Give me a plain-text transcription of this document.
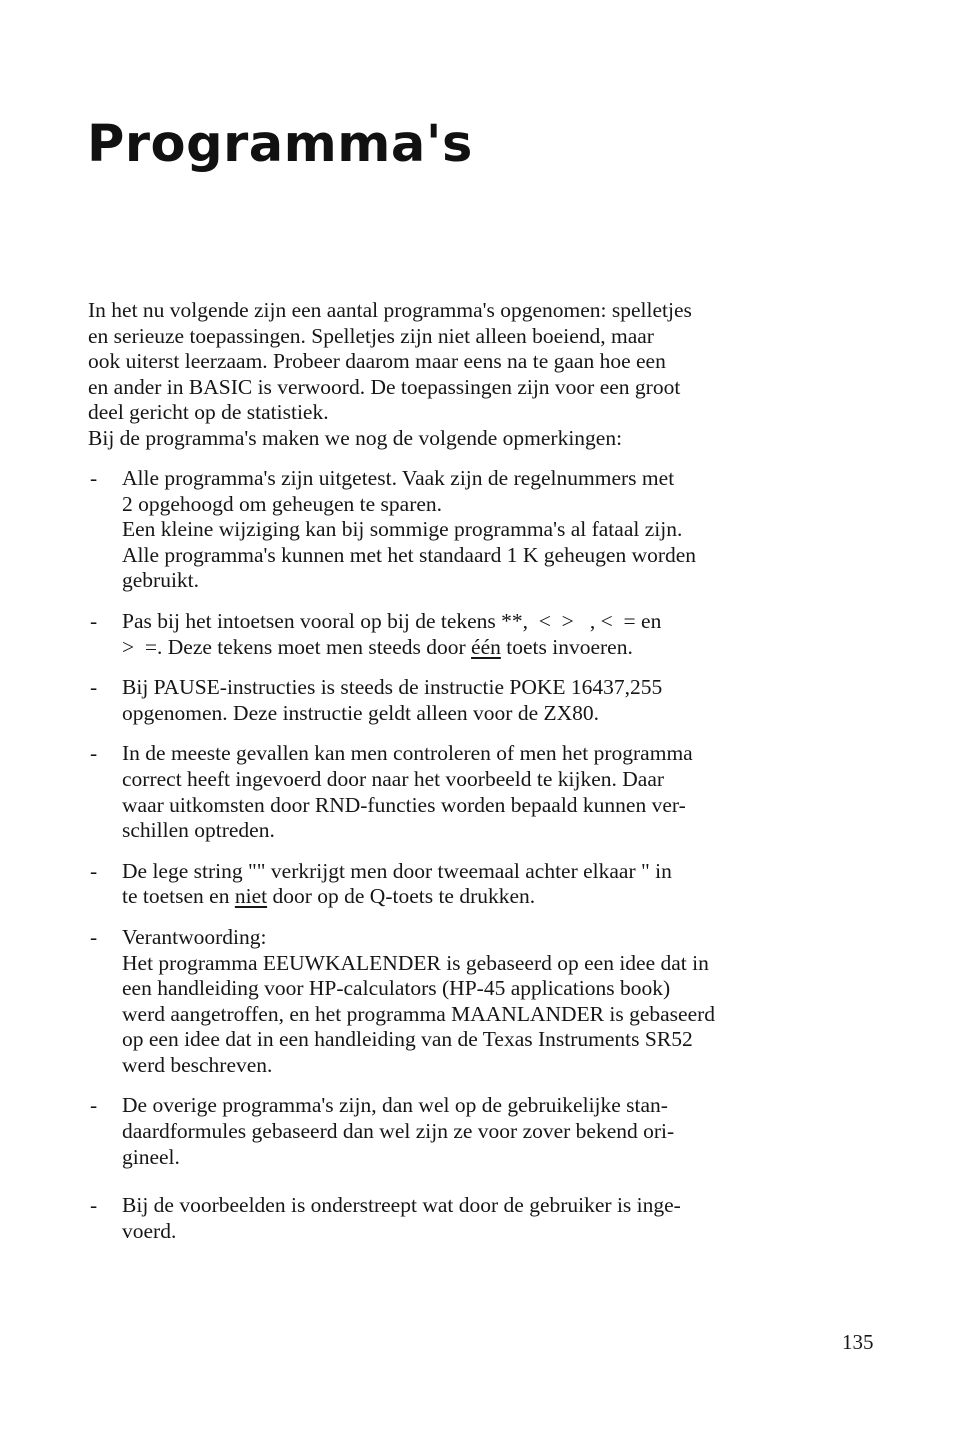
Programma's
In het nu volgende zijn een aantal programma's opgenomen: spelletjes
en serieuze toepassingen. Spelletjes zijn niet alleen boeiend, maar
ook uiterst leerzaam. Probeer daarom maar eens na te gaan hoe een
en ander in BASIC is verwoord. De toepassingen zijn voor een groot
deel gericht op de statistiek.
Bij de programma's maken we nog de volgende opmerkingen:
- Alle programma's zijn uitgetest. Vaak zijn de regelnummers met
2 opgehoogd om geheugen te sparen.
Een kleine wijziging kan bij sommige programma's al fataal zijn.
Alle programma's kunnen met het standaard 1 K geheugen worden
gebruikt.
- Pas bij het intoetsen vooral op bij de tekens **,  <  >   , <  = en
>  =. Deze tekens moet men steeds door één toets invoeren.
- Bij PAUSE-instructies is steeds de instructie POKE 16437,255
opgenomen. Deze instructie geldt alleen voor de ZX80.
- In de meeste gevallen kan men controleren of men het programma
correct heeft ingevoerd door naar het voorbeeld te kijken. Daar
waar uitkomsten door RND-functies worden bepaald kunnen ver-
schillen optreden.
- De lege string "" verkrijgt men door tweemaal achter elkaar " in
te toetsen en niet door op de Q-toets te drukken.
- Verantwoording:
Het programma EEUWKALENDER is gebaseerd op een idee dat in
een handleiding voor HP-calculators (HP-45 applications book)
werd aangetroffen, en het programma MAANLANDER is gebaseerd
op een idee dat in een handleiding van de Texas Instruments SR52
werd beschreven.
- De overige programma's zijn, dan wel op de gebruikelijke stan-
daardformules gebaseerd dan wel zijn ze voor zover bekend ori-
gineel.
- Bij de voorbeelden is onderstreept wat door de gebruiker is inge-
voerd.
135
